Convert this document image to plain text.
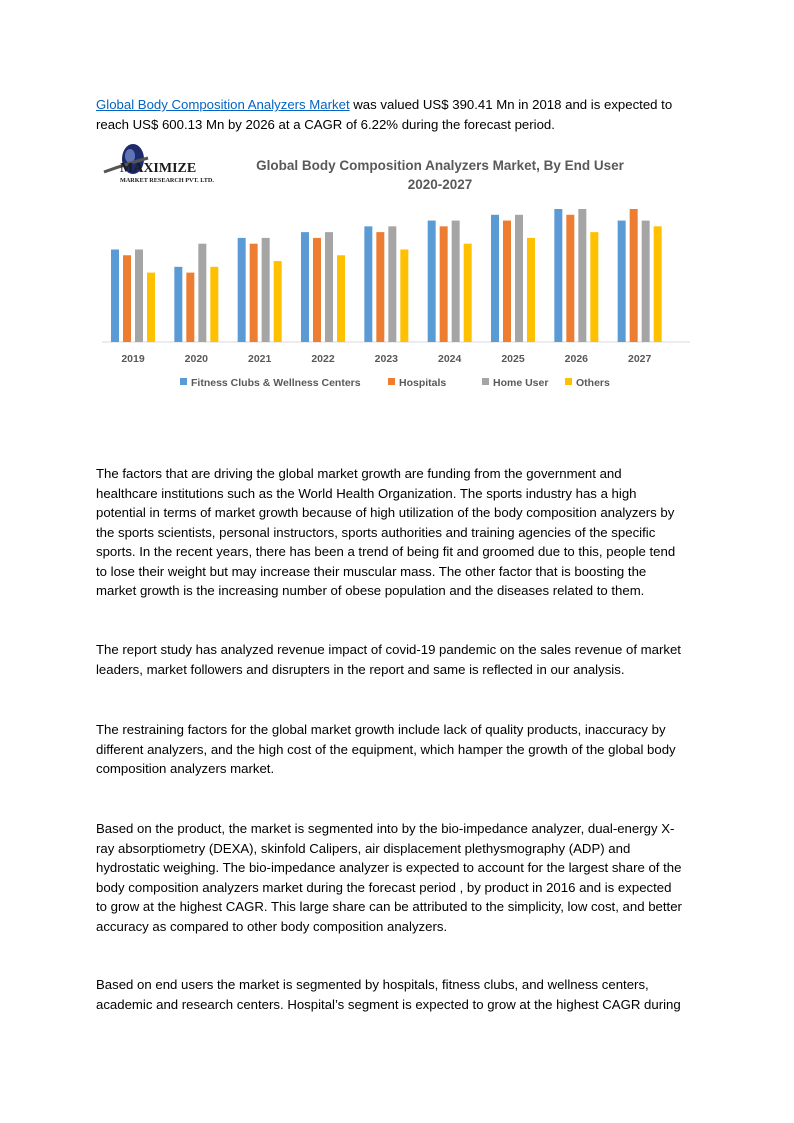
Global Body Composition Analyzers Market was valued US$ 390.41 Mn in 2018 and is expected to
reach US$ 600.13 Mn by 2026 at a CAGR of 6.22% during the forecast period.
MAXIMIZE
MARKET RESEARCH PVT. LTD.
Global Body Composition Analyzers Market, By End User
2020-2027
2019	2020	2021	2022	2023	2024	2025	2026	2027
Fitness Clubs & Wellness Centers	Hospitals	Home User	Others
The factors that are driving the global market growth are funding from the government and
healthcare institutions such as the World Health Organization. The sports industry has a high
potential in terms of market growth because of high utilization of the body composition analyzers by
the sports scientists, personal instructors, sports authorities and training agencies of the specific
sports. In the recent years, there has been a trend of being fit and groomed due to this, people tend
to lose their weight but may increase their muscular mass. The other factor that is boosting the
market growth is the increasing number of obese population and the diseases related to them.
The report study has analyzed revenue impact of covid-19 pandemic on the sales revenue of market
leaders, market followers and disrupters in the report and same is reflected in our analysis.
The restraining factors for the global market growth include lack of quality products, inaccuracy by
different analyzers, and the high cost of the equipment, which hamper the growth of the global body
composition analyzers market.
Based on the product, the market is segmented into by the bio-impedance analyzer, dual-energy X-
ray absorptiometry (DEXA), skinfold Calipers, air displacement plethysmography (ADP) and
hydrostatic weighing. The bio-impedance analyzer is expected to account for the largest share of the
body composition analyzers market during the forecast period , by product in 2016 and is expected
to grow at the highest CAGR. This large share can be attributed to the simplicity, low cost, and better
accuracy as compared to other body composition analyzers.
Based on end users the market is segmented by hospitals, fitness clubs, and wellness centers,
academic and research centers. Hospital’s segment is expected to grow at the highest CAGR during
